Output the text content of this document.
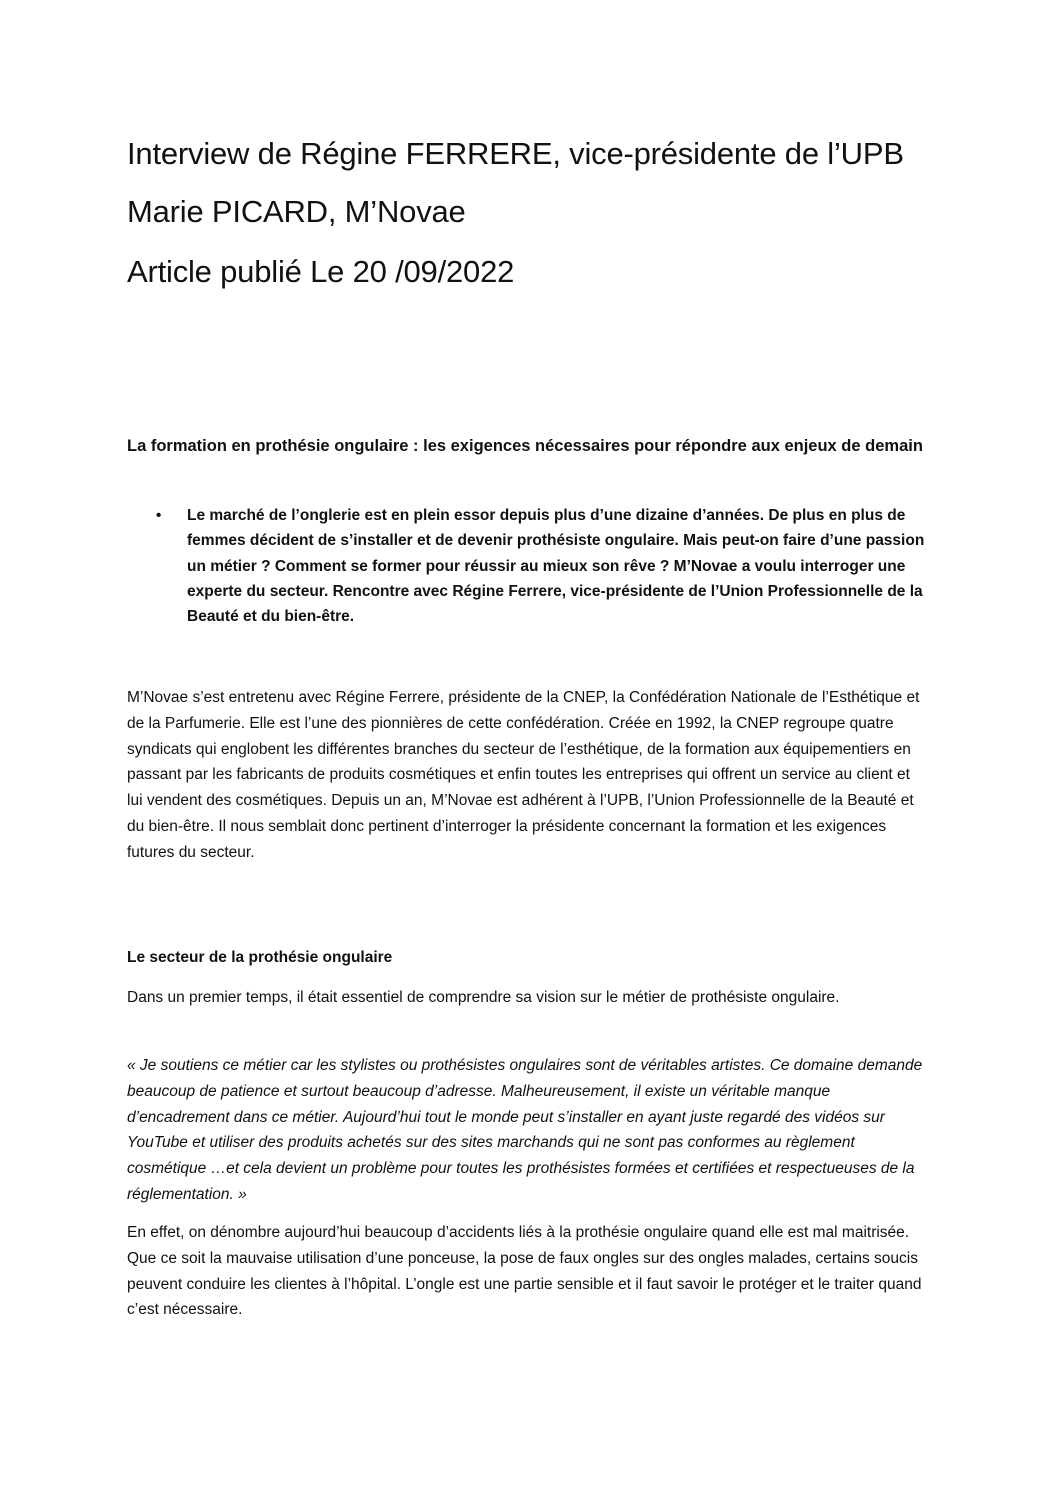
Interview de Régine FERRERE, vice-présidente de l’UPB
Marie PICARD, M’Novae
Article publié Le 20 /09/2022
La formation en prothésie ongulaire : les exigences nécessaires pour répondre aux enjeux de demain
• Le marché de l’onglerie est en plein essor depuis plus d’une dizaine d’années. De plus en plus de femmes décident de s’installer et de devenir prothésiste ongulaire. Mais peut-on faire d’une passion un métier ? Comment se former pour réussir au mieux son rêve ? M’Novae a voulu interroger une experte du secteur. Rencontre avec Régine Ferrere, vice-présidente de l’Union Professionnelle de la Beauté et du bien-être.

M’Novae s’est entretenu avec Régine Ferrere, présidente de la CNEP, la Confédération Nationale de l’Esthétique et de la Parfumerie. Elle est l’une des pionnières de cette confédération. Créée en 1992, la CNEP regroupe quatre syndicats qui englobent les différentes branches du secteur de l’esthétique, de la formation aux équipementiers en passant par les fabricants de produits cosmétiques et enfin toutes les entreprises qui offrent un service au client et lui vendent des cosmétiques. Depuis un an, M’Novae est adhérent à l’UPB, l’Union Professionnelle de la Beauté et du bien-être. Il nous semblait donc pertinent d’interroger la présidente concernant la formation et les exigences futures du secteur.

Le secteur de la prothésie ongulaire

Dans un premier temps, il était essentiel de comprendre sa vision sur le métier de prothésiste ongulaire.

« Je soutiens ce métier car les stylistes ou prothésistes ongulaires sont de véritables artistes. Ce domaine demande beaucoup de patience et surtout beaucoup d’adresse. Malheureusement, il existe un véritable manque d’encadrement dans ce métier. Aujourd’hui tout le monde peut s’installer en ayant juste regardé des vidéos sur YouTube et utiliser des produits achetés sur des sites marchands qui ne sont pas conformes au règlement cosmétique …et cela devient un problème pour toutes les prothésistes formées et certifiées et respectueuses de la réglementation. »

En effet, on dénombre aujourd’hui beaucoup d’accidents liés à la prothésie ongulaire quand elle est mal maitrisée. Que ce soit la mauvaise utilisation d’une ponceuse, la pose de faux ongles sur des ongles malades, certains soucis peuvent conduire les clientes à l’hôpital. L’ongle est une partie sensible et il faut savoir le protéger et le traiter quand c’est nécessaire.
